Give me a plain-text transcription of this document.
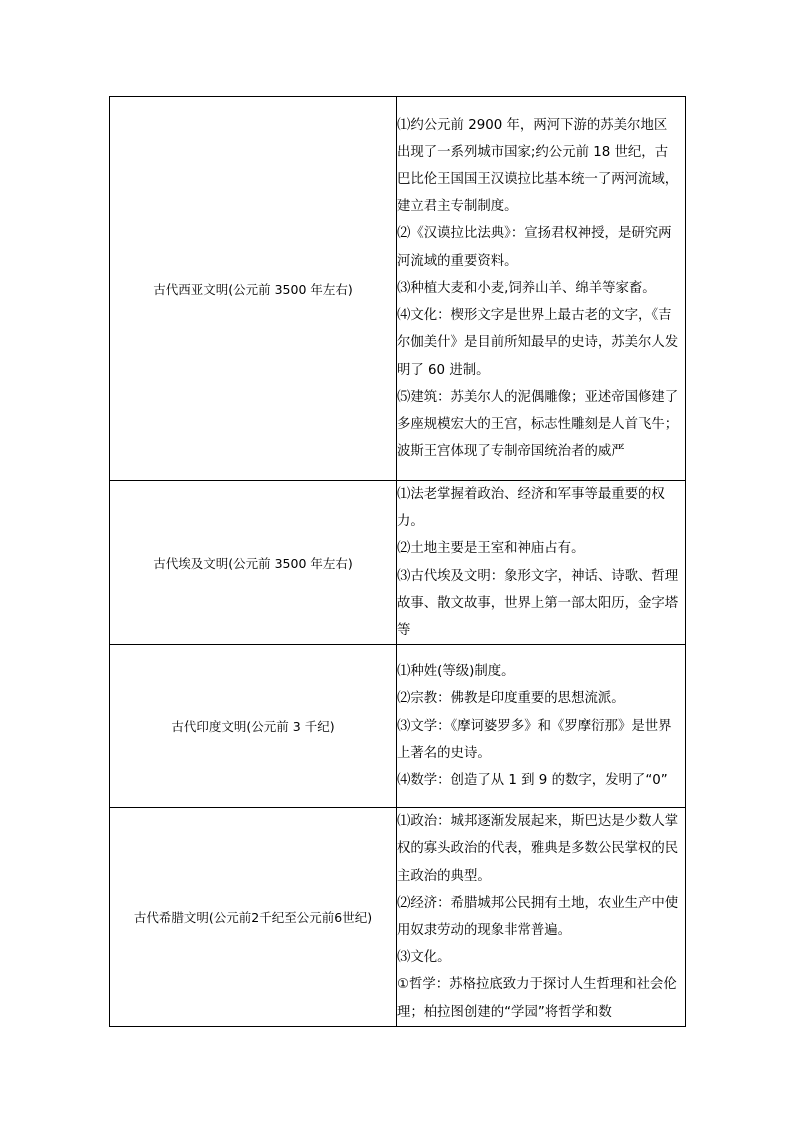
古代西亚文明(公元前 3500 年左右)	⑴约公元前 2900 年，两河下游的苏美尔地区出现了一系列城市国家;约公元前 18 世纪，古巴比伦王国国王汉谟拉比基本统一了两河流域，建立君主专制制度。

⑵《汉谟拉比法典》：宣扬君权神授，是研究两河流域的重要资料。

⑶种植大麦和小麦,饲养山羊、绵羊等家畜。

⑷文化：楔形文字是世界上最古老的文字，《吉尔伽美什》是目前所知最早的史诗，苏美尔人发明了 60 进制。

⑸建筑：苏美尔人的泥偶雕像；亚述帝国修建了多座规模宏大的王宫，标志性雕刻是人首飞牛；波斯王宫体现了专制帝国统治者的威严

古代埃及文明(公元前 3500 年左右)	⑴法老掌握着政治、经济和军事等最重要的权力。

⑵土地主要是王室和神庙占有。

⑶古代埃及文明：象形文字，神话、诗歌、哲理故事、散文故事，世界上第一部太阳历，金字塔等

古代印度文明(公元前 3 千纪)	⑴种姓(等级)制度。

⑵宗教：佛教是印度重要的思想流派。

⑶文学：《摩诃婆罗多》和《罗摩衍那》是世界上著名的史诗。

⑷数学：创造了从 1 到 9 的数字，发明了“0”

古代希腊文明(公元前2千纪至公元前6世纪)	⑴政治：城邦逐渐发展起来，斯巴达是少数人掌权的寡头政治的代表，雅典是多数公民掌权的民主政治的典型。

⑵经济：希腊城邦公民拥有土地，农业生产中使用奴隶劳动的现象非常普遍。

⑶文化。

①哲学：苏格拉底致力于探讨人生哲理和社会伦理；柏拉图创建的“学园”将哲学和数
